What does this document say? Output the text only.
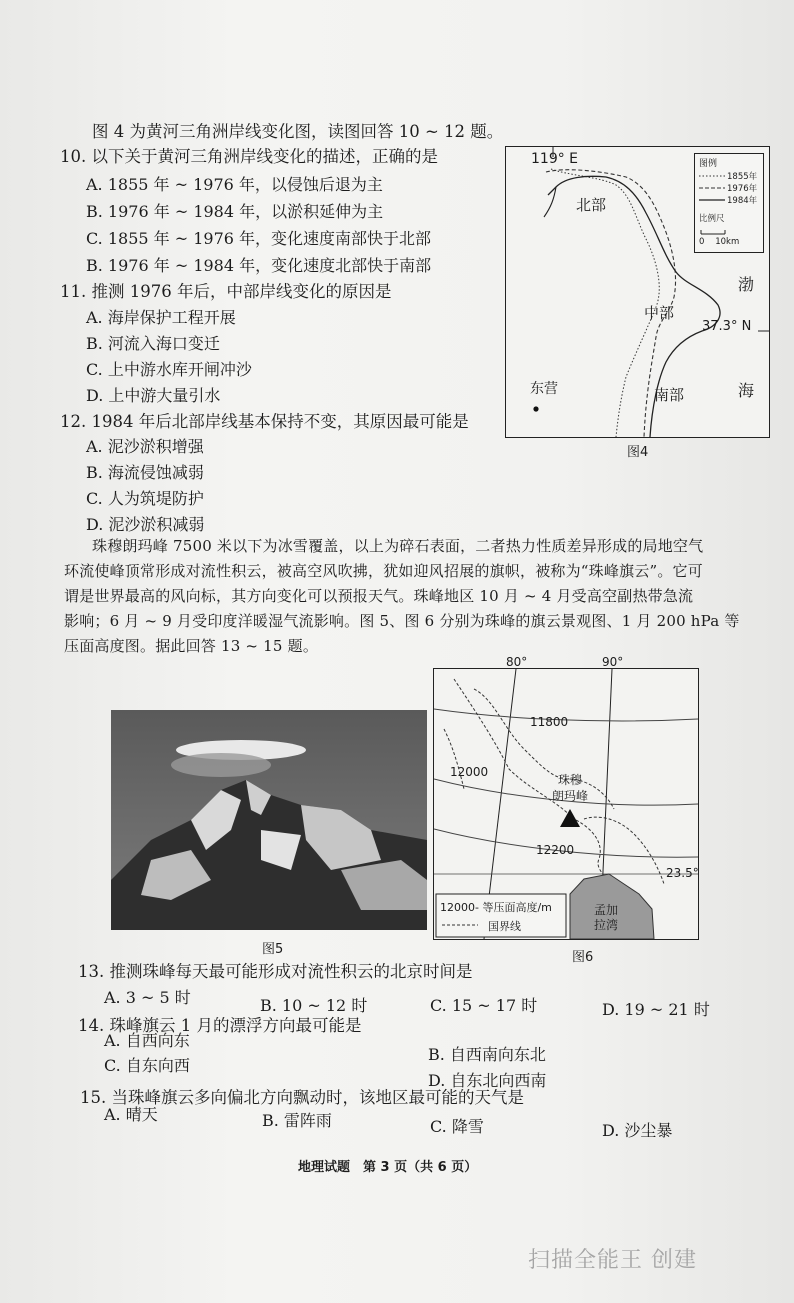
图 4 为黄河三角洲岸线变化图，读图回答 10 ~ 12 题。
10. 以下关于黄河三角洲岸线变化的描述，正确的是
A. 1855 年 ~ 1976 年，以侵蚀后退为主
B. 1976 年 ~ 1984 年，以淤积延伸为主
C. 1855 年 ~ 1976 年，变化速度南部快于北部
B. 1976 年 ~ 1984 年，变化速度北部快于南部
11. 推测 1976 年后，中部岸线变化的原因是
A. 海岸保护工程开展
B. 河流入海口变迁
C. 上中游水库开闸冲沙
D. 上中游大量引水
12. 1984 年后北部岸线基本保持不变，其原因最可能是
A. 泥沙淤积增强
B. 海流侵蚀减弱
C. 人为筑堤防护
D. 泥沙淤积减弱
119° E
37.3° N
北部
中部
南部
渤
海
东营
图例
1855年
1976年
1984年
比例尺
0    10km
图4
珠穆朗玛峰 7500 米以下为冰雪覆盖，以上为碎石表面，二者热力性质差异形成的局地空气
环流使峰顶常形成对流性积云，被高空风吹拂，犹如迎风招展的旗帜，被称为“珠峰旗云”。它可
谓是世界最高的风向标，其方向变化可以预报天气。珠峰地区 10 月 ~ 4 月受高空副热带急流
影响；6 月 ~ 9 月受印度洋暖湿气流影响。图 5、图 6 分别为珠峰的旗云景观图、1 月 200 hPa 等
压面高度图。据此回答 13 ~ 15 题。
图5
80°	90°
11800
12000
12200
23.5°
珠穆
朗玛峰
12000- 等压面高度/m
国界线
孟加
拉湾
图6
13. 推测珠峰每天最可能形成对流性积云的北京时间是
A. 3 ~ 5 时	B. 10 ~ 12 时	C. 15 ~ 17 时	D. 19 ~ 21 时
14. 珠峰旗云 1 月的漂浮方向最可能是
A. 自西向东
B. 自西南向东北
C. 自东向西
D. 自东北向西南
15. 当珠峰旗云多向偏北方向飘动时，该地区最可能的天气是
A. 晴天	B. 雷阵雨	C. 降雪	D. 沙尘暴
地理试题　第 3 页（共 6 页）
扫描全能王 创建
